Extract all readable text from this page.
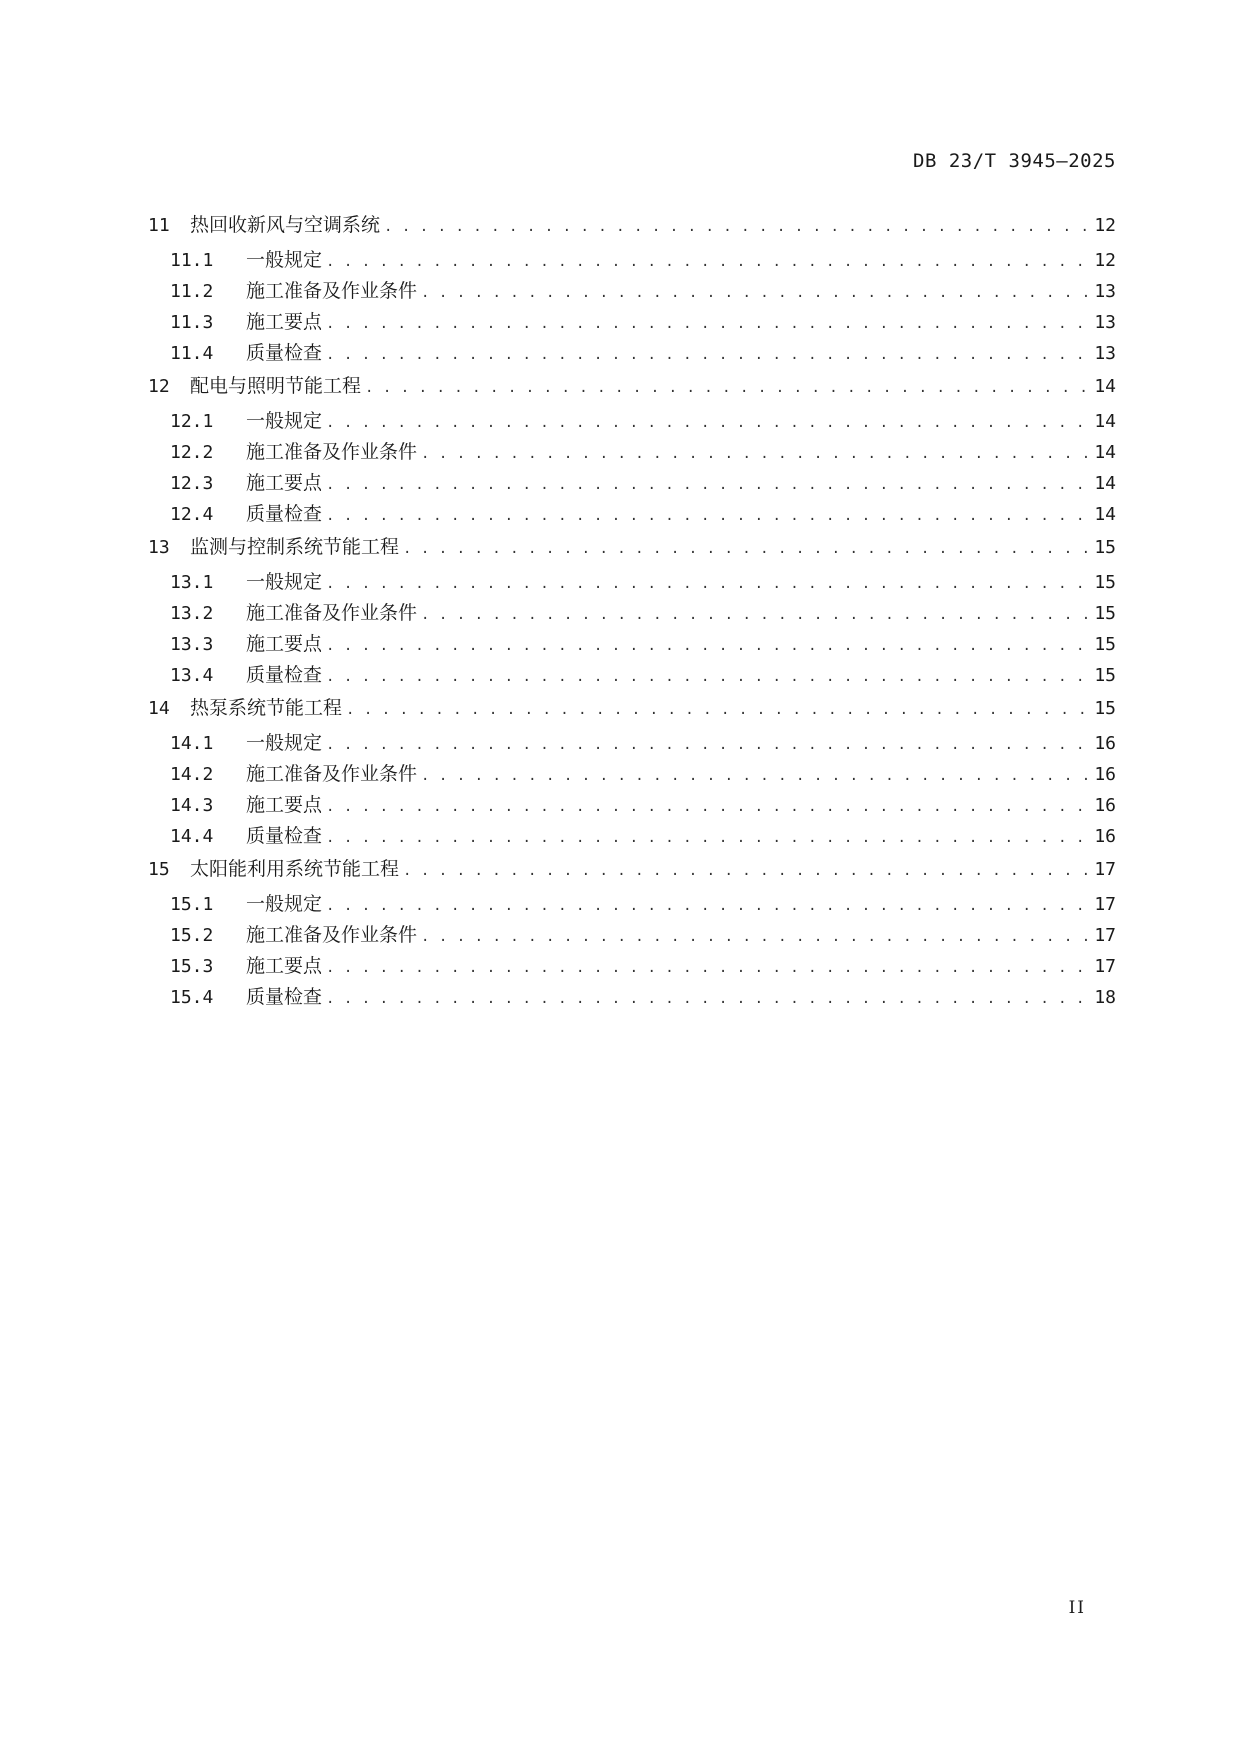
DB 23/T 3945—2025
11	热回收新风与空调系统 . . .	12
11.1	一般规定 . . .	12
11.2	施工准备及作业条件 . . .	13
11.3	施工要点 . . .	13
11.4	质量检查 . . .	13
12	配电与照明节能工程 . . .	14
12.1	一般规定 . . .	14
12.2	施工准备及作业条件 . . .	14
12.3	施工要点 . . .	14
12.4	质量检查 . . .	14
13	监测与控制系统节能工程 . . .	15
13.1	一般规定 . . .	15
13.2	施工准备及作业条件 . . .	15
13.3	施工要点 . . .	15
13.4	质量检查 . . .	15
14	热泵系统节能工程 . . .	15
14.1	一般规定 . . .	16
14.2	施工准备及作业条件 . . .	16
14.3	施工要点 . . .	16
14.4	质量检查 . . .	16
15	太阳能利用系统节能工程 . . .	17
15.1	一般规定 . . .	17
15.2	施工准备及作业条件 . . .	17
15.3	施工要点 . . .	17
15.4	质量检查 . . .	18
II
